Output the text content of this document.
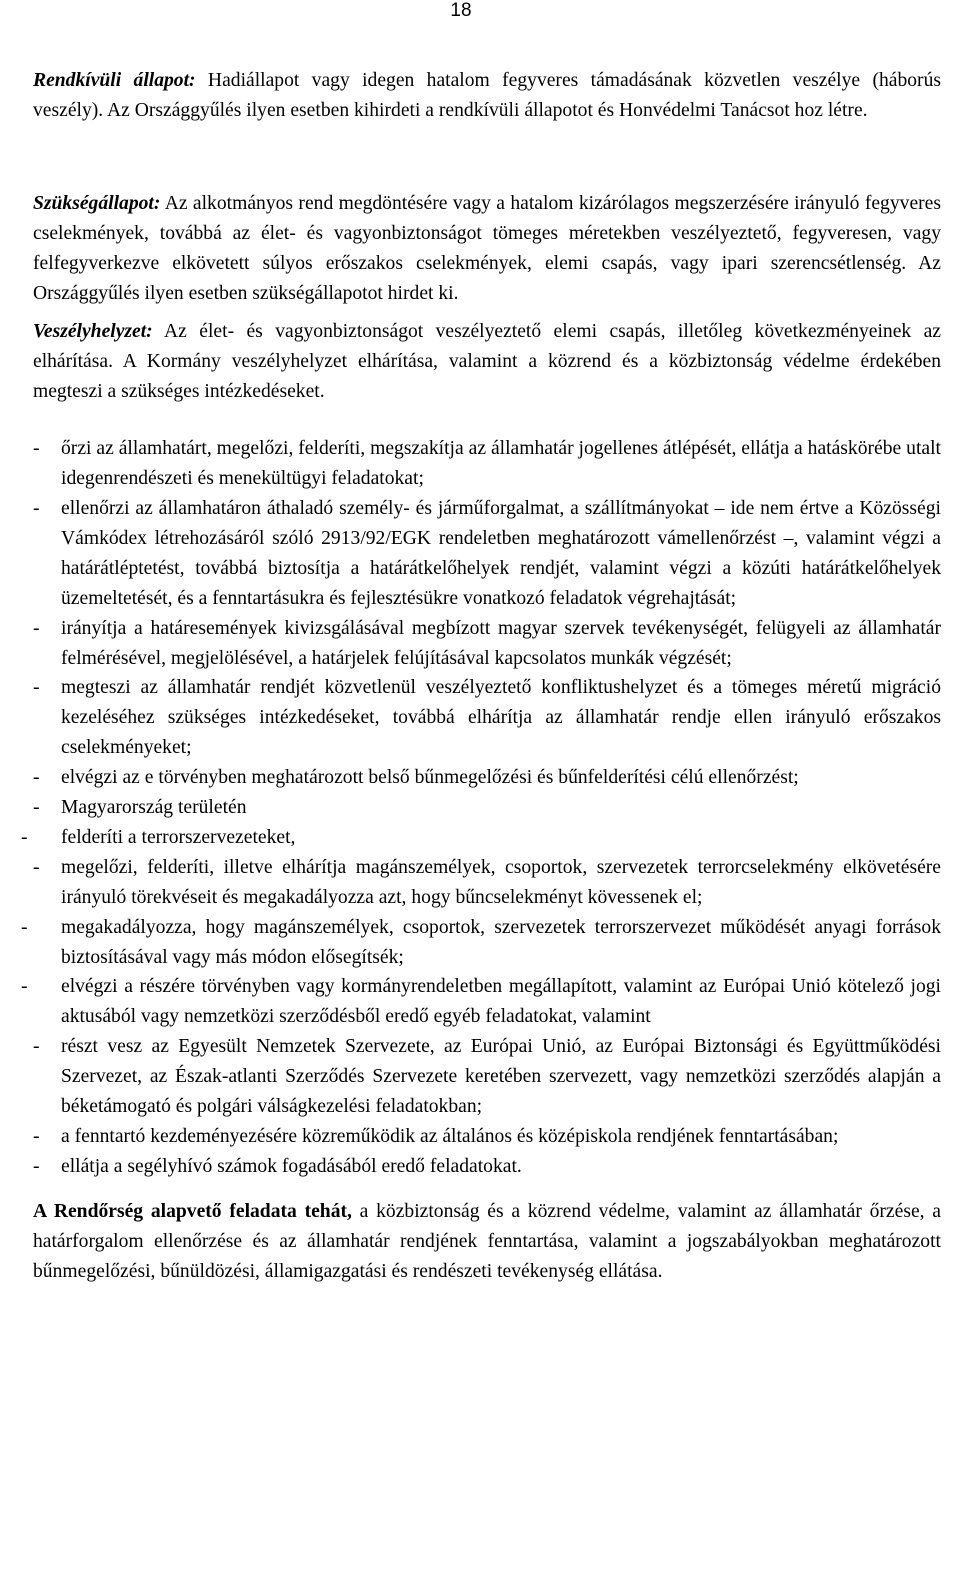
18

Rendkívüli állapot: Hadiállapot vagy idegen hatalom fegyveres támadásának közvetlen veszélye (háborús veszély). Az Országgyűlés ilyen esetben kihirdeti a rendkívüli állapotot és Honvédelmi Tanácsot hoz létre.

Szükségállapot: Az alkotmányos rend megdöntésére vagy a hatalom kizárólagos megszerzésére irányuló fegyveres cselekmények, továbbá az élet- és vagyonbiztonságot tömeges méretekben veszélyeztető, fegyveresen, vagy felfegyverkezve elkövetett súlyos erőszakos cselekmények, elemi csapás, vagy ipari szerencsétlenség. Az Országgyűlés ilyen esetben szükségállapotot hirdet ki.

Veszélyhelyzet: Az élet- és vagyonbiztonságot veszélyeztető elemi csapás, illetőleg következményeinek az elhárítása. A Kormány veszélyhelyzet elhárítása, valamint a közrend és a közbiztonság védelme érdekében megteszi a szükséges intézkedéseket.

- őrzi az államhatárt, megelőzi, felderíti, megszakítja az államhatár jogellenes átlépését, ellátja a hatáskörébe utalt idegenrendészeti és menekültügyi feladatokat;
- ellenőrzi az államhatáron áthaladó személy- és járműforgalmat, a szállítmányokat – ide nem értve a Közösségi Vámkódex létrehozásáról szóló 2913/92/EGK rendeletben meghatározott vámellenőrzést –, valamint végzi a határátléptetést, továbbá biztosítja a határátkelőhelyek rendjét, valamint végzi a közúti határátkelőhelyek üzemeltetését, és a fenntartásukra és fejlesztésükre vonatkozó feladatok végrehajtását;
- irányítja a határesemények kivizsgálásával megbízott magyar szervek tevékenységét, felügyeli az államhatár felmérésével, megjelölésével, a határjelek felújításával kapcsolatos munkák végzését;
- megteszi az államhatár rendjét közvetlenül veszélyeztető konfliktushelyzet és a tömeges méretű migráció kezeléséhez szükséges intézkedéseket, továbbá elhárítja az államhatár rendje ellen irányuló erőszakos cselekményeket;
- elvégzi az e törvényben meghatározott belső bűnmegelőzési és bűnfelderítési célú ellenőrzést;
- Magyarország területén
- felderíti a terrorszervezeteket,
- megelőzi, felderíti, illetve elhárítja magánszemélyek, csoportok, szervezetek terrorcselekmény elkövetésére irányuló törekvéseit és megakadályozza azt, hogy bűncselekményt kövessenek el;
- megakadályozza, hogy magánszemélyek, csoportok, szervezetek terrorszervezet működését anyagi források biztosításával vagy más módon elősegítsék;
- elvégzi a részére törvényben vagy kormányrendeletben megállapított, valamint az Európai Unió kötelező jogi aktusából vagy nemzetközi szerződésből eredő egyéb feladatokat, valamint
- részt vesz az Egyesült Nemzetek Szervezete, az Európai Unió, az Európai Biztonsági és Együttműködési Szervezet, az Észak-atlanti Szerződés Szervezete keretében szervezett, vagy nemzetközi szerződés alapján a béketámogató és polgári válságkezelési feladatokban;
- a fenntartó kezdeményezésére közreműködik az általános és középiskola rendjének fenntartásában;
- ellátja a segélyhívó számok fogadásából eredő feladatokat.

A Rendőrség alapvető feladata tehát, a közbiztonság és a közrend védelme, valamint az államhatár őrzése, a határforgalom ellenőrzése és az államhatár rendjének fenntartása, valamint a jogszabályokban meghatározott bűnmegelőzési, bűnüldözési, államigazgatási és rendészeti tevékenység ellátása.
